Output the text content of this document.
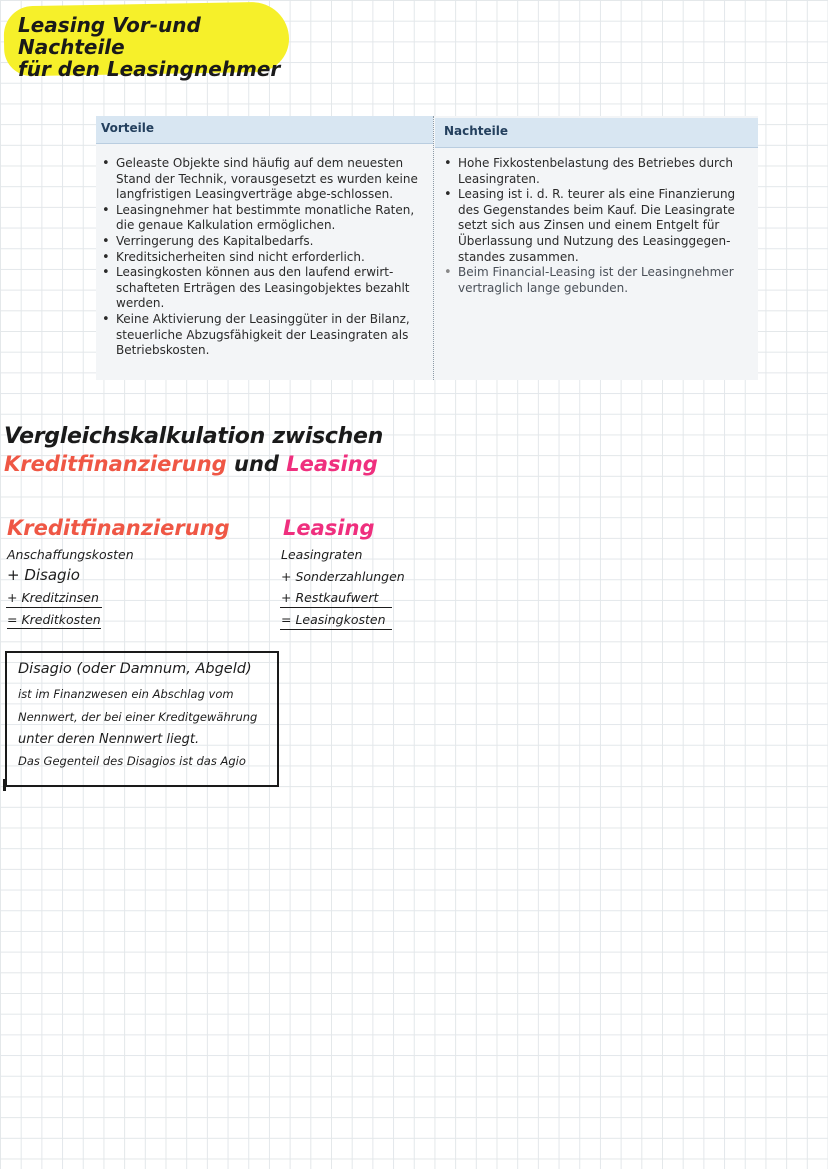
Leasing Vor-und Nachteile
für den Leasingnehmer
Vorteile	Nachteile
• Geleaste Objekte sind häufig auf dem neuesten Stand der Technik, vorausgesetzt es wurden keine langfristigen Leasingverträge abge-schlossen.
• Leasingnehmer hat bestimmte monatliche Raten, die genaue Kalkulation ermöglichen.
• Verringerung des Kapitalbedarfs.
• Kreditsicherheiten sind nicht erforderlich.
• Leasingkosten können aus den laufend erwirt-schafteten Erträgen des Leasingobjektes bezahlt werden.
• Keine Aktivierung der Leasinggüter in der Bilanz, steuerliche Abzugsfähigkeit der Leasingraten als Betriebskosten.
• Hohe Fixkostenbelastung des Betriebes durch Leasingraten.
• Leasing ist i. d. R. teurer als eine Finanzierung des Gegenstandes beim Kauf. Die Leasingrate setzt sich aus Zinsen und einem Entgelt für Überlassung und Nutzung des Leasinggegen-standes zusammen.
• Beim Financial-Leasing ist der Leasingnehmer vertraglich lange gebunden.
Vergleichskalkulation zwischen
Kreditfinanzierung und Leasing
Kreditfinanzierung
Anschaffungskosten
+ Disagio
+ Kreditzinsen
= Kreditkosten
Leasing
Leasingraten
+ Sonderzahlungen
+ Restkaufwert
= Leasingkosten
Disagio (oder Damnum, Abgeld)
ist im Finanzwesen ein Abschlag vom
Nennwert, der bei einer Kreditgewährung
unter deren Nennwert liegt.
Das Gegenteil des Disagios ist das Agio
